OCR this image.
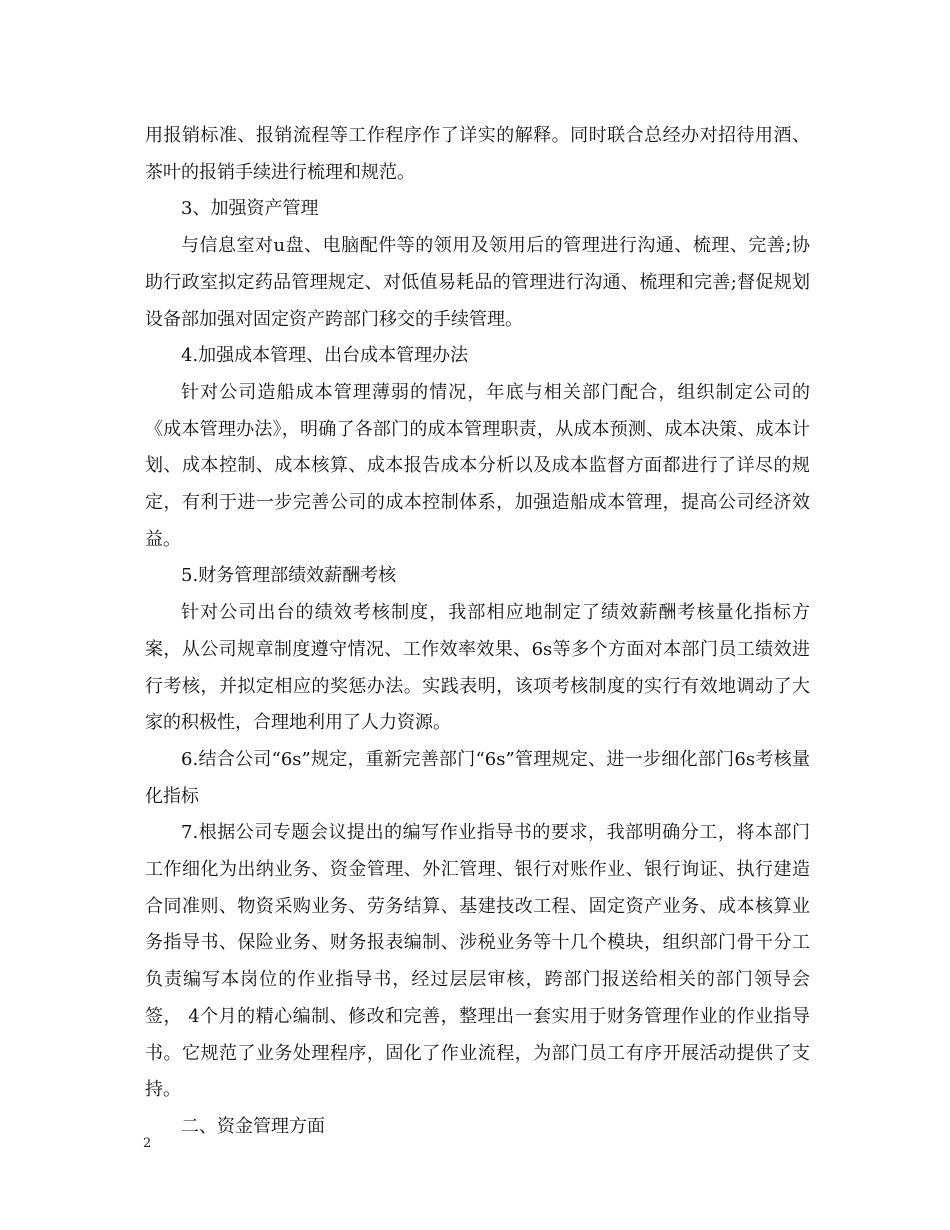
用报销标准、报销流程等工作程序作了详实的解释。同时联合总经办对招待用酒、茶叶的报销手续进行梳理和规范。

3、加强资产管理

与信息室对u盘、电脑配件等的领用及领用后的管理进行沟通、梳理、完善;协助行政室拟定药品管理规定、对低值易耗品的管理进行沟通、梳理和完善;督促规划设备部加强对固定资产跨部门移交的手续管理。

4.加强成本管理、出台成本管理办法

针对公司造船成本管理薄弱的情况，年底与相关部门配合，组织制定公司的《成本管理办法》，明确了各部门的成本管理职责，从成本预测、成本决策、成本计划、成本控制、成本核算、成本报告成本分析以及成本监督方面都进行了详尽的规定，有利于进一步完善公司的成本控制体系，加强造船成本管理，提高公司经济效益。

5.财务管理部绩效薪酬考核

针对公司出台的绩效考核制度，我部相应地制定了绩效薪酬考核量化指标方案，从公司规章制度遵守情况、工作效率效果、6s等多个方面对本部门员工绩效进行考核，并拟定相应的奖惩办法。实践表明，该项考核制度的实行有效地调动了大家的积极性，合理地利用了人力资源。

6.结合公司“6s”规定，重新完善部门“6s”管理规定、进一步细化部门6s考核量化指标

7.根据公司专题会议提出的编写作业指导书的要求，我部明确分工，将本部门工作细化为出纳业务、资金管理、外汇管理、银行对账作业、银行询证、执行建造合同准则、物资采购业务、劳务结算、基建技改工程、固定资产业务、成本核算业务指导书、保险业务、财务报表编制、涉税业务等十几个模块，组织部门骨干分工负责编写本岗位的作业指导书，经过层层审核，跨部门报送给相关的部门领导会签， 4个月的精心编制、修改和完善，整理出一套实用于财务管理作业的作业指导书。它规范了业务处理程序，固化了作业流程，为部门员工有序开展活动提供了支持。

二、资金管理方面

2
